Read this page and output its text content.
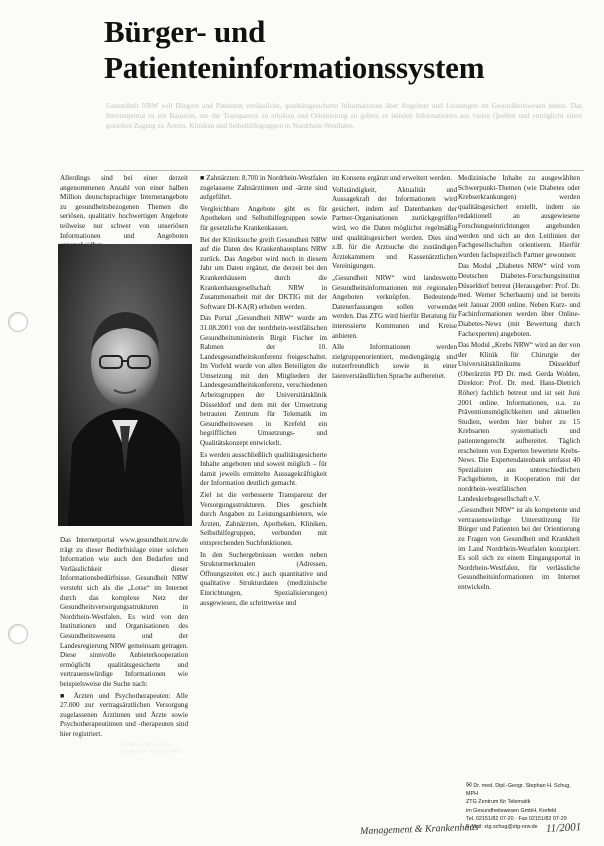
Bürger- und
Patienteninformationssystem
Gesundheit NRW will Bürgern und Patienten verlässliche, qualitätsgesicherte Informationen über Angebote und Leistungen im Gesundheitswesen bieten. Das Internetportal ist ein Baustein, um die Transparenz zu erhöhen und Orientierung zu geben; es bündelt Informationen aus vielen Quellen und ermöglicht einen gezielten Zugang zu Ärzten, Kliniken und Selbsthilfegruppen in Nordrhein-Westfalen.
Allerdings sind bei einer derzeit angenommenen Anzahl von einer halben Million deutschsprachiger Internetangebote zu gesundheitsbezogenen Themen die seriösen, qualitativ hochwertigen Angebote teilweise nur schwer von unseriösen Informationen und Angeboten
Dr. med. Dipl.-Geogr.
Stephan H. Schug, MPH

Das Internetportal www.gesundheit.nrw.de trägt zu dieser Bedürfnislage einer solchen Information wie auch den Bedarfen und Verlässlichkeit dieser Informationsbedürfnisse. Gesundheit NRW versteht sich als die „Lotse“ im Internet durch das komplexe Netz der Gesundheitsversorgungsstrukturen in Nordrhein-Westfalen. Es wird von den Institutionen und Organisationen des Gesundheitswesens und der Landesregierung NRW gemeinsam getragen. Diese sinnvolle Anbieterkooperation ermöglicht qualitätsgesicherte und vertrauenswürdige Informationen wie beispielsweise die Suche nach:

■ Ärzten und Psychotherapeuten: Alle 27.000 zur vertragsärztlichen Versorgung zugelassenen Ärztinnen und Ärzte sowie Psychotherapeutinnen und -therapeuten sind hier registriert.

■ Zahnärzten: 8.700 in Nordrhein-Westfalen zugelassene Zahnärztinnen und -ärzte sind aufgeführt.

Vergleichbare Angebote gibt es für Apotheken und Selbsthilfegruppen sowie für gesetzliche Krankenkassen.

Bei der Kliniksuche greift Gesundheit NRW auf die Daten des Krankenhausplans NRW zurück. Das Angebot wird noch in diesem Jahr um Daten ergänzt, die derzeit bei den Krankenhäusern durch die Krankenhausgesellschaft NRW in Zusammenarbeit mit der DKTIG mit der Software DI-KA(R) erhoben werden.

Das Portal „Gesundheit NRW“ wurde am 31.08.2001 von der nordrhein-westfälischen Gesundheitsministerin Birgit Fischer im Rahmen der 10. Landesgesundheitskonferenz freigeschaltet. Im Vorfeld wurde von allen Beteiligten die Umsetzung mit den Mitgliedern der Landesgesundheitskonferenz, verschiedenen Arbeitsgruppen der Universitätsklinik Düsseldorf und dem mit der Umsetzung betrauten Zentrum für Telematik im Gesundheitswesen in Krefeld ein begrifflichen Umsetzungs- und Qualitätskonzept entwickelt.

Es werden ausschließlich qualitätsgesicherte Inhalte angeboten und soweit möglich – für damit jeweils ermittelte Aussagekräftigkeit der Information deutlich gemacht.

Ziel ist die verbesserte Transparenz der Versorgungsstrukturen. Dies geschieht durch Angaben zu Leistungsanbietern, wie Ärzten, Zahnärzten, Apotheken, Kliniken, Selbsthilfegruppen, verbunden mit entsprechenden Suchfunktionen.

In den Suchergebnissen werden neben Strukturmerkmalen (Adressen, Öffnungszeiten etc.) auch quantitative und qualitative Strukturdaten (medizinische Einrichtungen, Spezialisierungen) ausgewiesen, die schrittweise und

im Konsens ergänzt und erweitert werden.

Vollständigkeit, Aktualität und Aussagekraft der Informationen wird gesichert, indem auf Datenbanken der Partner-Organisationen zurückgegriffen wird, wo die Daten möglichst regelmäßig und qualitätsgesichert werden. Dies sind z.B. für die Arztsuche die zuständigen Ärztekammern und Kassenärztlichen Vereinigungen.

„Gesundheit NRW“ wird landesweite Gesundheitsinformationen mit regionalen Angeboten verknüpfen. Bedeutende Datenerfassungen sollen verwendet werden. Das ZTG wird hierfür Beratung für interessierte Kommunen und Kreise anbieten.

Alle Informationen werden zielgruppenorientiert, mediengängig und nutzerfreundlich sowie in einer laienverständlichen Sprache aufbereitet.

Medizinische Inhalte zu ausgewählten Schwerpunkt-Themen (wie Diabetes oder Krebserkrankungen) werden qualitätsgesichert erstellt, indem sie redaktionell an ausgewiesene Forschungseinrichtungen angebunden werden und sich an den Leitlinien der Fachgesellschaften orientieren. Hierfür wurden fachspezifisch Partner gewonnen:

Das Modul „Diabetes NRW“ wird vom Deutschen Diabetes-Forschungsinstitut Düsseldorf betreut (Herausgeber: Prof. Dr. med. Werner Scherbaum) und ist bereits seit Januar 2000 online. Neben Kurz- und Fachinformationen werden über Online-Diabetes-News (mit Bewertung durch Fachexperten) angeboten.

Das Modul „Krebs NRW“ wird an der von der Klinik für Chirurgie der Universitätsklinikums Düsseldorf (Oberärztin PD Dr. med. Gerda Wolden, Direktor: Prof. Dr. med. Hans-Dietrich Röher) fachlich betreut und ist seit Juni 2001 online. Informationen, u.a. zu Präventionsmöglichkeiten und aktuellen Studien, werden hier bisher zu 15 Krebsarten systematisch und patientengerecht aufbereitet. Täglich erscheinen von Experten bewertete Krebs-News. Die Expertendatenbank umfasst 40 Spezialisten aus unterschiedlichen Fachgebieten, in Kooperation mit der nordrhein-westfälischen Landeskrebsgesellschaft e.V.

„Gesundheit NRW“ ist als kompetente und vertrauenswürdige Unterstützung für Bürger und Patienten bei der Orientierung zu Fragen von Gesundheit und Krankheit im Land Nordrhein-Westfalen konzipiert. Es soll sich zu einem Eingangsportal in Nordrhein-Westfalen, für verlässliche Gesundheitsinformationen im Internet entwickeln.

✉ Dr. med. Dipl.-Geogr. Stephan H. Schug, MPH
ZTG Zentrum für Telematik
im Gesundheitswesen GmbH, Krefeld
Tel. 02151/82 07-20 · Fax 02151/82 07-29
E-Mail: ztg.schug@ztg-nrw.de
Management & Krankenhaus	11/2001
